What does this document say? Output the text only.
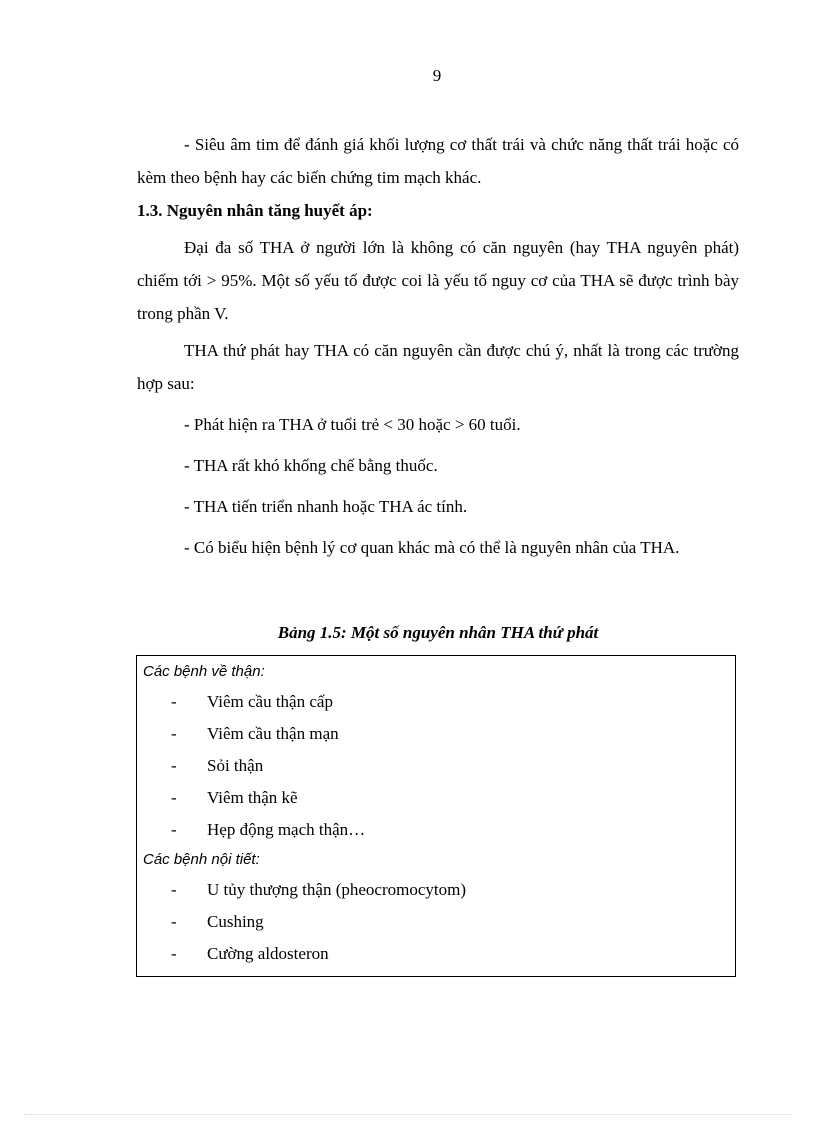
9

- Siêu âm tim để đánh giá khối lượng cơ thất trái và chức năng thất trái hoặc có kèm theo bệnh hay các biến chứng tim mạch khác.

1.3. Nguyên nhân tăng huyết áp:

Đại đa số THA ở người lớn là không có căn nguyên (hay THA nguyên phát) chiếm tới > 95%. Một số yếu tố được coi là yếu tố nguy cơ của THA sẽ được trình bày trong phần V.

THA thứ phát hay THA có căn nguyên cần được chú ý, nhất là trong các trường hợp sau:

- Phát hiện ra THA ở tuổi trẻ < 30 hoặc > 60 tuổi.

- THA rất khó khống chế bằng thuốc.

- THA tiến triển nhanh hoặc THA ác tính.

- Có biểu hiện bệnh lý cơ quan khác mà có thể là nguyên nhân của THA.

Bảng 1.5: Một số nguyên nhân THA thứ phát

Các bệnh về thận:

-	Viêm cầu thận cấp
-	Viêm cầu thận mạn
-	Sỏi thận
-	Viêm thận kẽ
-	Hẹp động mạch thận…

Các bệnh nội tiết:

-	U tủy thượng thận (pheocromocytom)
-	Cushing
-	Cường aldosteron
